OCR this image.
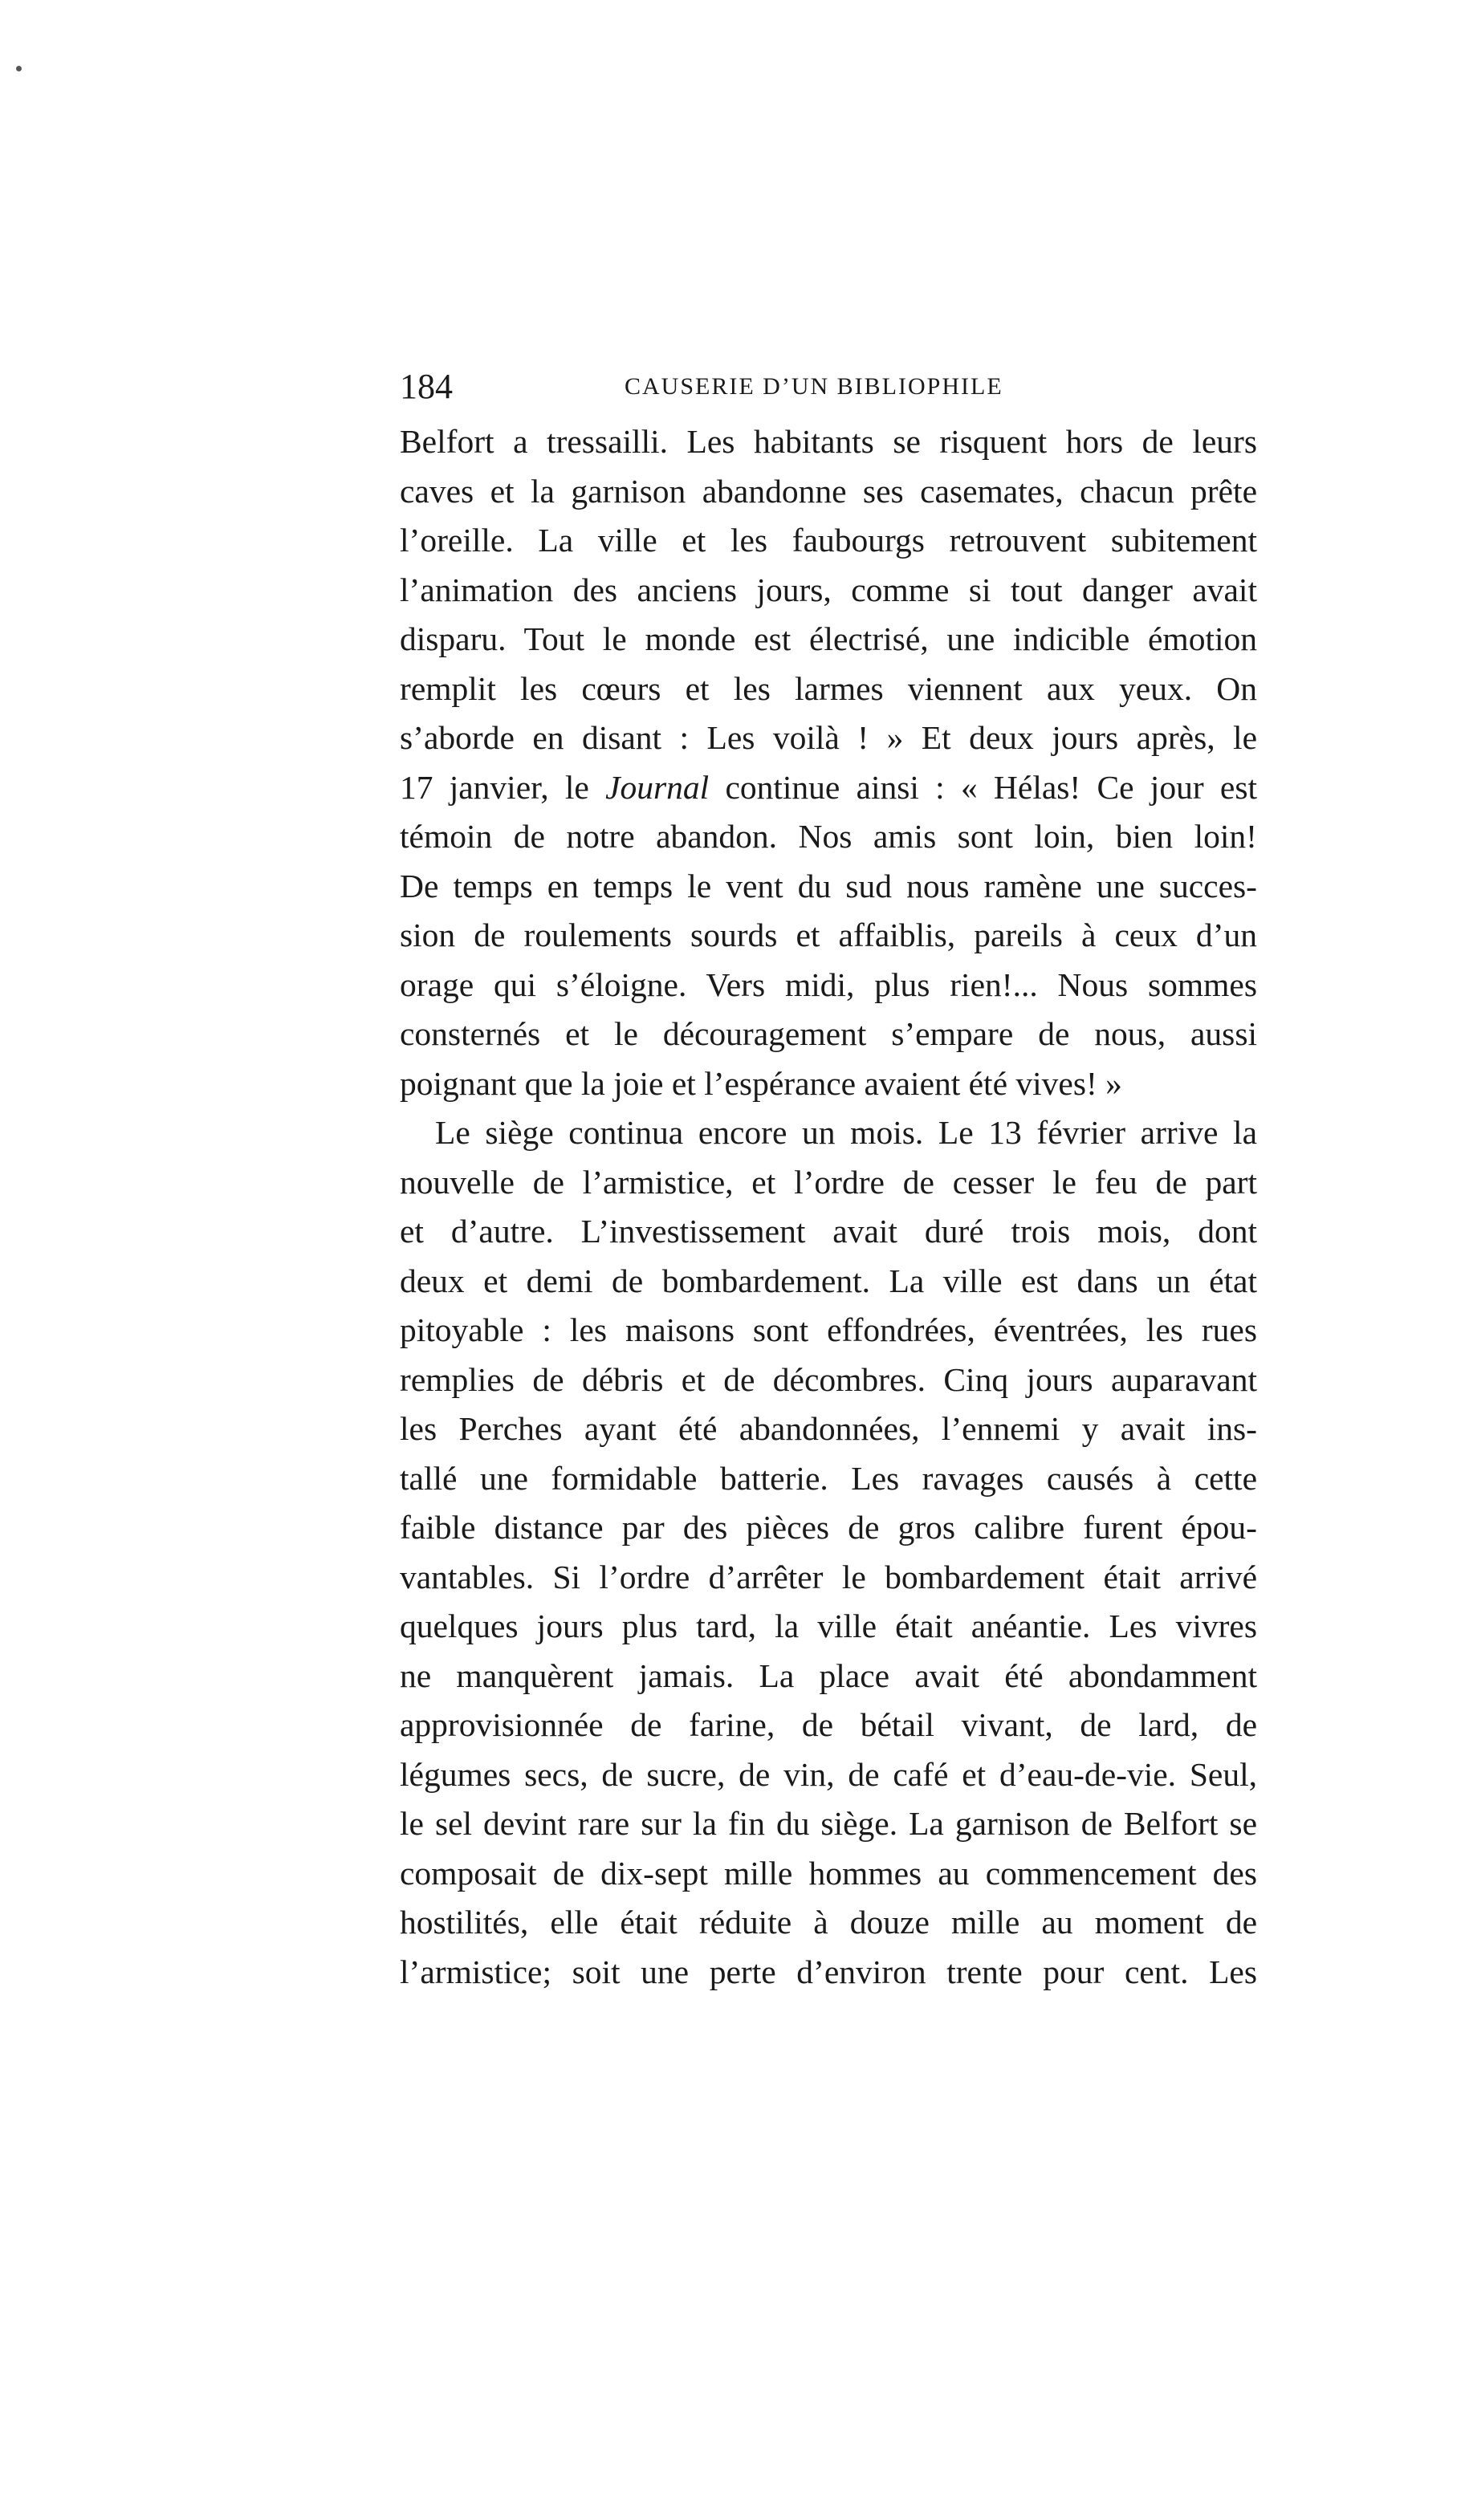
184	CAUSERIE D’UN BIBLIOPHILE
Belfort a tressailli. Les habitants se risquent hors de leurs
caves et la garnison abandonne ses casemates, chacun prête
l’oreille. La ville et les faubourgs retrouvent subitement
l’animation des anciens jours, comme si tout danger avait
disparu. Tout le monde est électrisé, une indicible émotion
remplit les cœurs et les larmes viennent aux yeux. On
s’aborde en disant : Les voilà ! » Et deux jours après, le
17 janvier, le Journal continue ainsi : « Hélas! Ce jour est
témoin de notre abandon. Nos amis sont loin, bien loin!
De temps en temps le vent du sud nous ramène une succes-
sion de roulements sourds et affaiblis, pareils à ceux d’un
orage qui s’éloigne. Vers midi, plus rien!... Nous sommes
consternés et le découragement s’empare de nous, aussi
poignant que la joie et l’espérance avaient été vives! »
Le siège continua encore un mois. Le 13 février arrive la
nouvelle de l’armistice, et l’ordre de cesser le feu de part
et d’autre. L’investissement avait duré trois mois, dont
deux et demi de bombardement. La ville est dans un état
pitoyable : les maisons sont effondrées, éventrées, les rues
remplies de débris et de décombres. Cinq jours auparavant
les Perches ayant été abandonnées, l’ennemi y avait ins-
tallé une formidable batterie. Les ravages causés à cette
faible distance par des pièces de gros calibre furent épou-
vantables. Si l’ordre d’arrêter le bombardement était arrivé
quelques jours plus tard, la ville était anéantie. Les vivres
ne manquèrent jamais. La place avait été abondamment
approvisionnée de farine, de bétail vivant, de lard, de
légumes secs, de sucre, de vin, de café et d’eau-de-vie. Seul,
le sel devint rare sur la fin du siège. La garnison de Belfort se
composait de dix-sept mille hommes au commencement des
hostilités, elle était réduite à douze mille au moment de
l’armistice; soit une perte d’environ trente pour cent. Les
